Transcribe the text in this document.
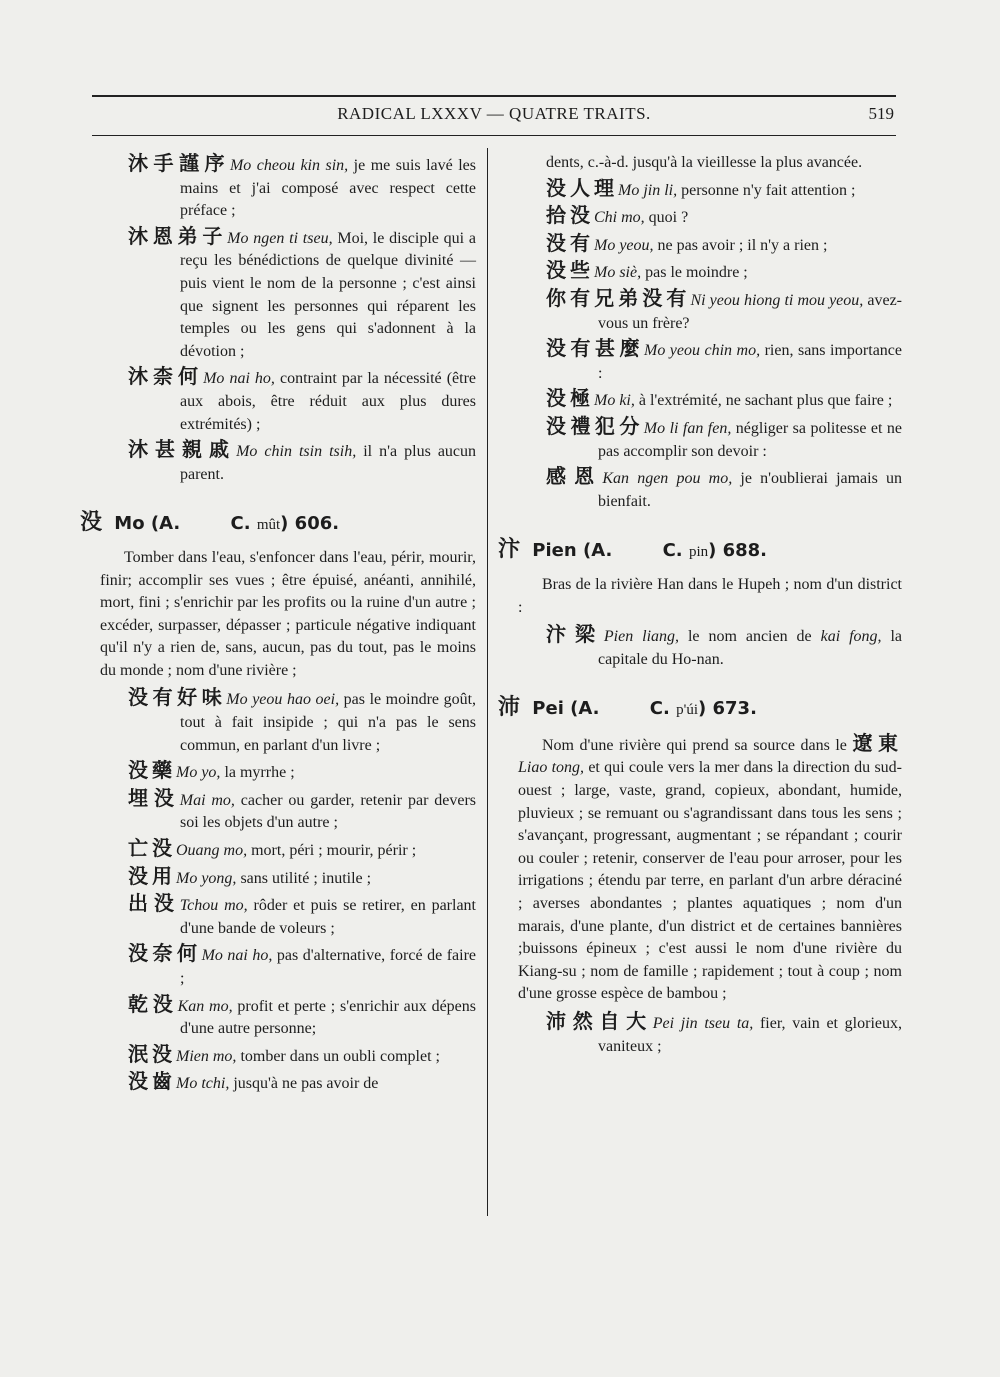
RADICAL LXXXV — QUATRE TRAITS.	519
沐手謹序Mo cheou kin sin, je me suis lavé les mains et j'ai composé avec respect cette préface ;
沐恩弟子Mo ngen ti tseu, Moi, le disciple qui a reçu les bénédictions de quelque divinité — puis vient le nom de la personne ; c'est ainsi que signent les personnes qui réparent les temples ou les gens qui s'adonnent à la dévotion ;
沐柰何Mo nai ho, contraint par la nécessité (être aux abois, être réduit aux plus dures extrémités) ;
沐甚親戚Mo chin tsin tsih, il n'a plus aucun parent.
没 Mo (A.	C. mût) 606.
Tomber dans l'eau, s'enfoncer dans l'eau, périr, mourir, finir; accomplir ses vues ; être épuisé, anéanti, annihilé, mort, fini ; s'enrichir par les profits ou la ruine d'un autre ; excéder, surpasser, dépasser ; particule négative indiquant qu'il n'y a rien de, sans, aucun, pas du tout, pas le moins du monde ; nom d'une rivière ;
没有好味Mo yeou hao oei, pas le moindre goût, tout à fait insipide ; qui n'a pas le sens commun, en parlant d'un livre ;
没藥Mo yo, la myrrhe ;
埋没Mai mo, cacher ou garder, retenir par devers soi les objets d'un autre ;
亡没Ouang mo, mort, péri ; mourir, périr ;
没用Mo yong, sans utilité ; inutile ;
出没Tchou mo, rôder et puis se retirer, en parlant d'une bande de voleurs ;
没奈何Mo nai ho, pas d'alternative, forcé de faire ;
乾没Kan mo, profit et perte ; s'enrichir aux dépens d'une autre personne;
泯没Mien mo, tomber dans un oubli complet ;
没齒Mo tchi, jusqu'à ne pas avoir de
dents, c.-à-d. jusqu'à la vieillesse la plus avancée.
没人理Mo jin li, personne n'y fait attention ;
拾没Chi mo, quoi ?
没有Mo yeou, ne pas avoir ; il n'y a rien ;
没些Mo siè, pas le moindre ;
你有兄弟没有Ni yeou hiong ti mou yeou, avez-vous un frère?
没有甚麼Mo yeou chin mo, rien, sans importance :
没極Mo ki, à l'extrémité, ne sachant plus que faire ;
没禮犯分Mo li fan fen, négliger sa politesse et ne pas accomplir son devoir :
感恩Kan ngen pou mo, je n'oublierai jamais un bienfait.
汴 Pien (A.	C. pin) 688.
Bras de la rivière Han dans le Hupeh ; nom d'un district :
汴梁Pien liang, le nom ancien de kai fong, la capitale du Ho-nan.
沛 Pei (A.	C. p'úi) 673.
Nom d'une rivière qui prend sa source dans le 遼東Liao tong, et qui coule vers la mer dans la direction du sud-ouest ; large, vaste, grand, copieux, abondant, humide, pluvieux ; se remuant ou s'agrandissant dans tous les sens ; s'avançant, progressant, augmentant ; se répandant ; courir ou couler ; retenir, conserver de l'eau pour arroser, pour les irrigations ; étendu par terre, en parlant d'un arbre déraciné ; averses abondantes ; plantes aquatiques ; nom d'un marais, d'une plante, d'un district et de certaines bannières ;buissons épineux ; c'est aussi le nom d'une rivière du Kiang-su ; nom de famille ; rapidement ; tout à coup ; nom d'une grosse espèce de bambou ;
沛然自大Pei jin tseu ta, fier, vain et glorieux, vaniteux ;
